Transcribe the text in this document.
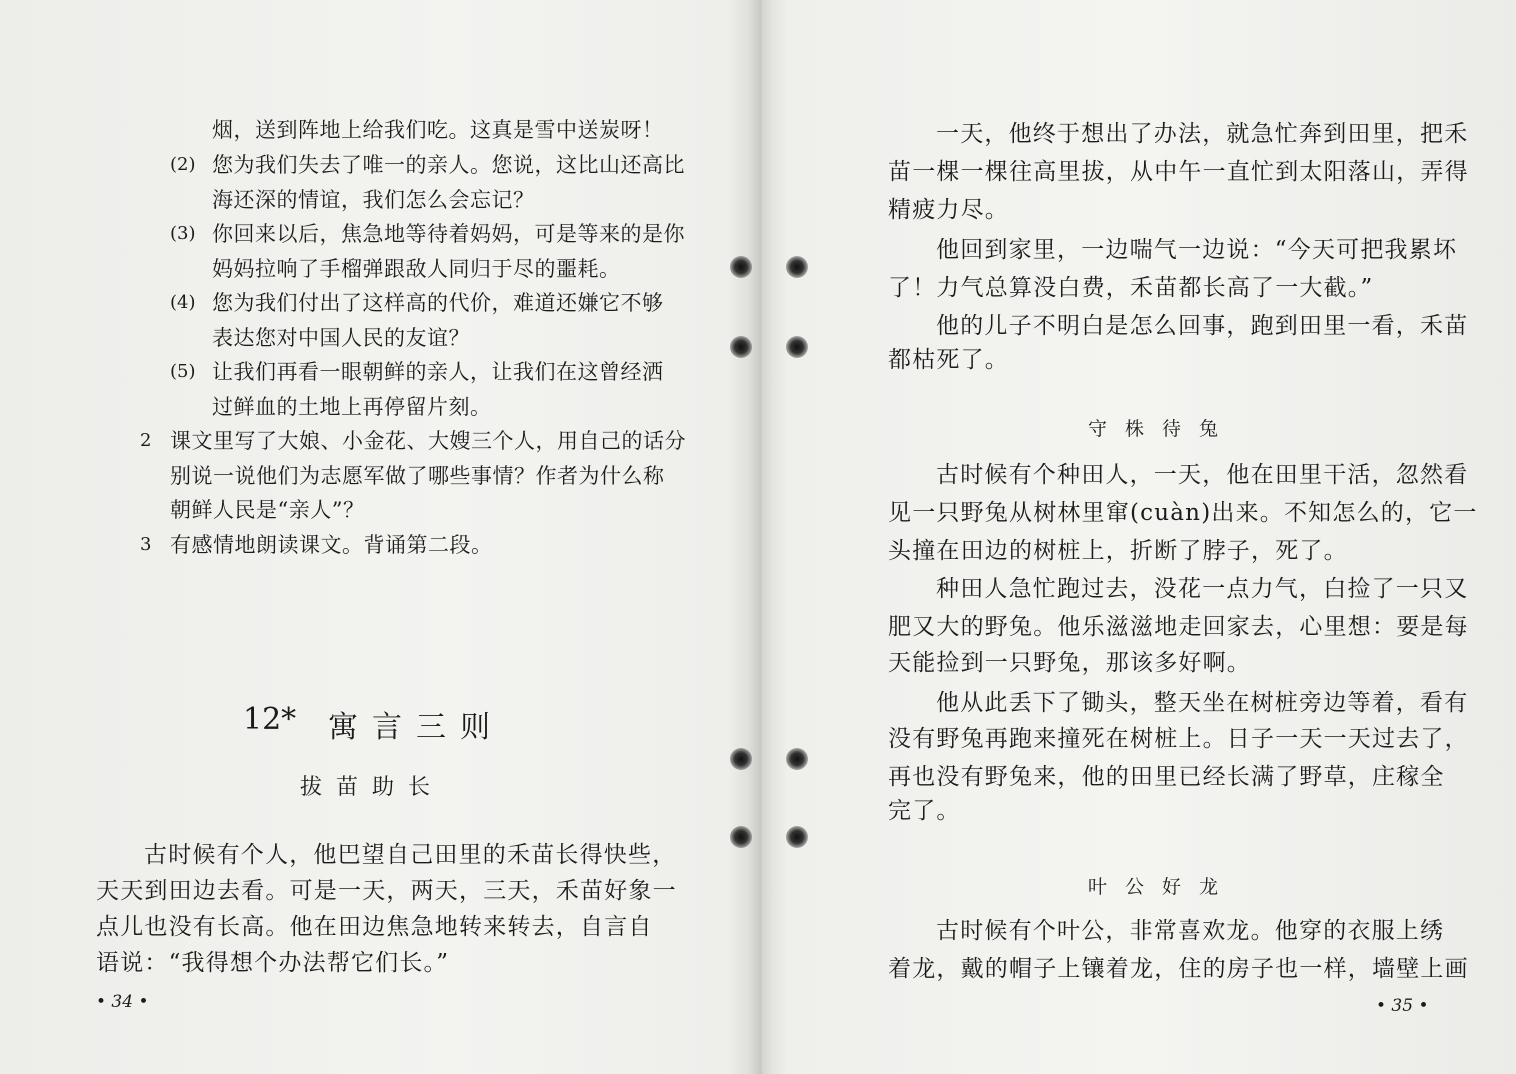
烟，送到阵地上给我们吃。这真是雪中送炭呀！
(2) 您为我们失去了唯一的亲人。您说，这比山还高比
海还深的情谊，我们怎么会忘记？
(3) 你回来以后，焦急地等待着妈妈，可是等来的是你
妈妈拉响了手榴弹跟敌人同归于尽的噩耗。
(4) 您为我们付出了这样高的代价，难道还嫌它不够
表达您对中国人民的友谊？
(5) 让我们再看一眼朝鲜的亲人，让我们在这曾经洒
过鲜血的土地上再停留片刻。
2 课文里写了大娘、小金花、大嫂三个人，用自己的话分
别说一说他们为志愿军做了哪些事情？作者为什么称
朝鲜人民是“亲人”？
3 有感情地朗读课文。背诵第二段。
12* 寓言三则
拔苗助长
古时候有个人，他巴望自己田里的禾苗长得快些，
天天到田边去看。可是一天，两天，三天，禾苗好象一
点儿也没有长高。他在田边焦急地转来转去，自言自
语说：“我得想个办法帮它们长。”
• 34 •
一天，他终于想出了办法，就急忙奔到田里，把禾
苗一棵一棵往高里拔，从中午一直忙到太阳落山，弄得
精疲力尽。
他回到家里，一边喘气一边说：“今天可把我累坏
了！力气总算没白费，禾苗都长高了一大截。”
他的儿子不明白是怎么回事，跑到田里一看，禾苗
都枯死了。
守株待兔
古时候有个种田人，一天，他在田里干活，忽然看
见一只野兔从树林里窜(cuàn)出来。不知怎么的，它一
头撞在田边的树桩上，折断了脖子，死了。
种田人急忙跑过去，没花一点力气，白捡了一只又
肥又大的野兔。他乐滋滋地走回家去，心里想：要是每
天能捡到一只野兔，那该多好啊。
他从此丢下了锄头，整天坐在树桩旁边等着，看有
没有野兔再跑来撞死在树桩上。日子一天一天过去了，
再也没有野兔来，他的田里已经长满了野草，庄稼全
完了。
叶公好龙
古时候有个叶公，非常喜欢龙。他穿的衣服上绣
着龙，戴的帽子上镶着龙，住的房子也一样，墙壁上画
• 35 •
